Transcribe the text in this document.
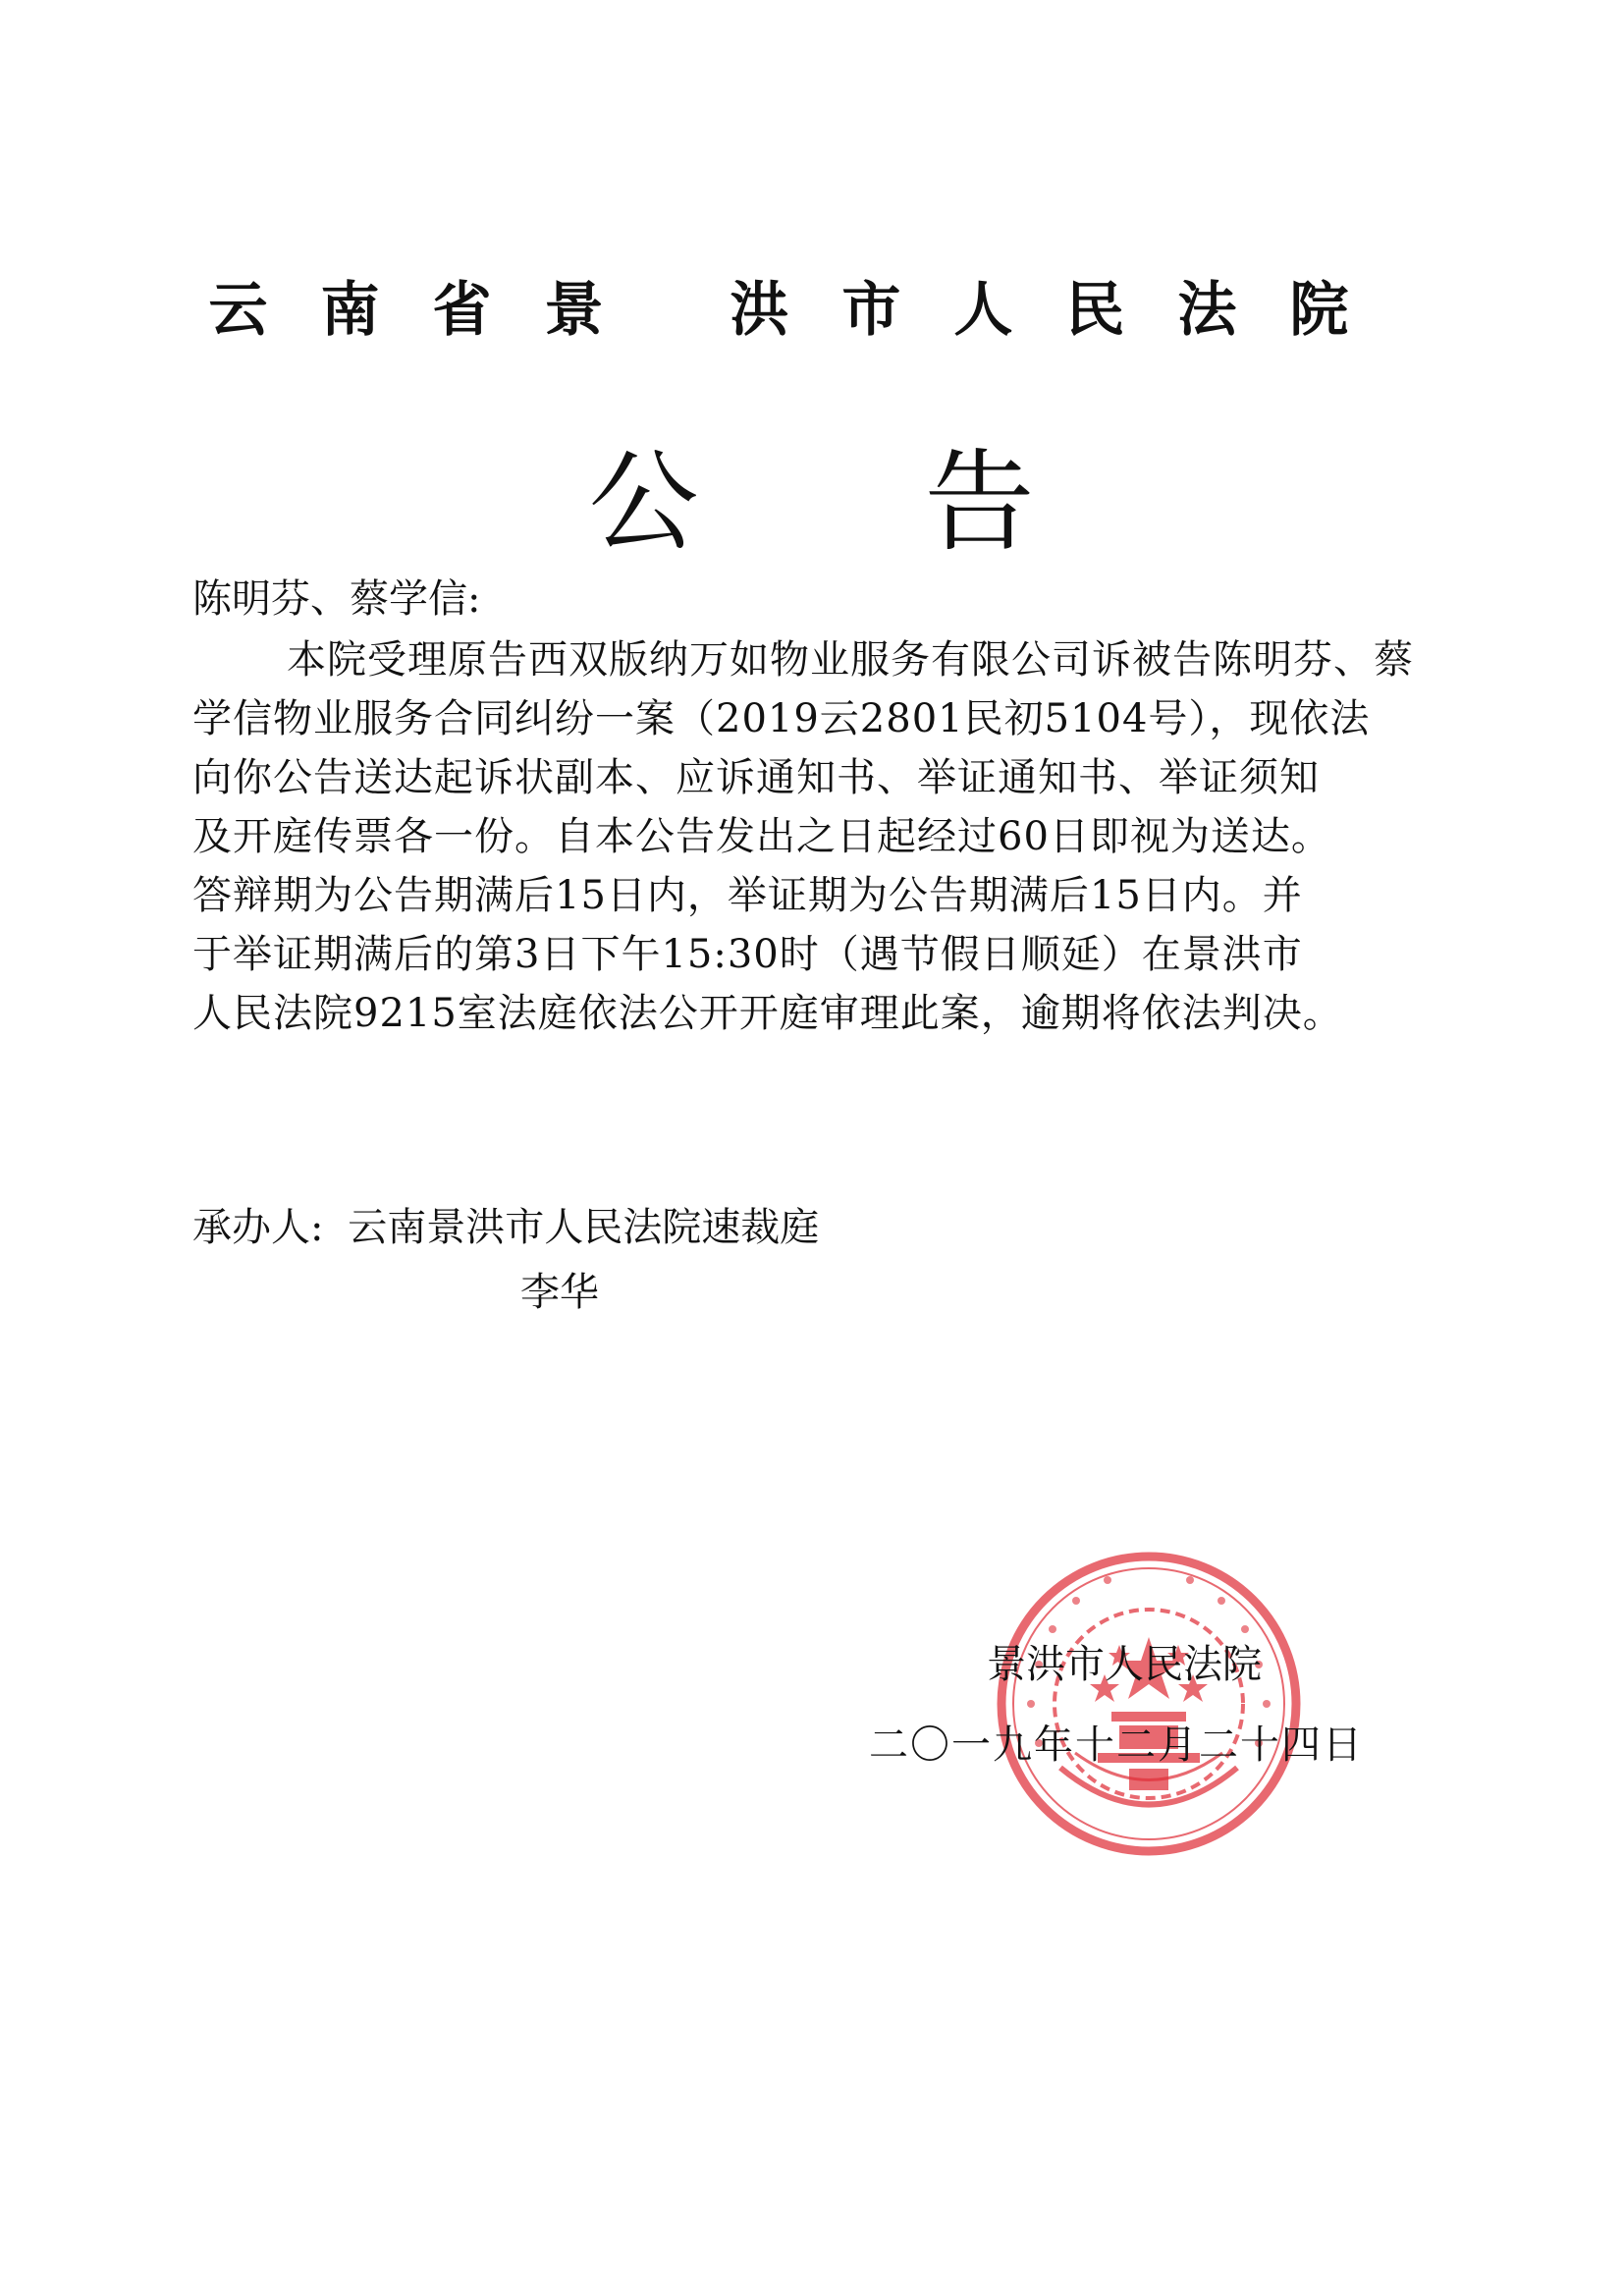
云南省景 洪市人民法院
公告
陈明芬、蔡学信:
本院受理原告西双版纳万如物业服务有限公司诉被告陈明芬、蔡
学信物业服务合同纠纷一案（2019云2801民初5104号），现依法
向你公告送达起诉状副本、应诉通知书、举证通知书、举证须知
及开庭传票各一份。自本公告发出之日起经过60日即视为送达。
答辩期为公告期满后15日内，举证期为公告期满后15日内。并
于举证期满后的第3日下午15:30时（遇节假日顺延）在景洪市
人民法院9215室法庭依法公开开庭审理此案，逾期将依法判决。
承办人: 云南景洪市人民法院速裁庭
李华
景洪市人民法院
二〇一九年十二月二十四日
